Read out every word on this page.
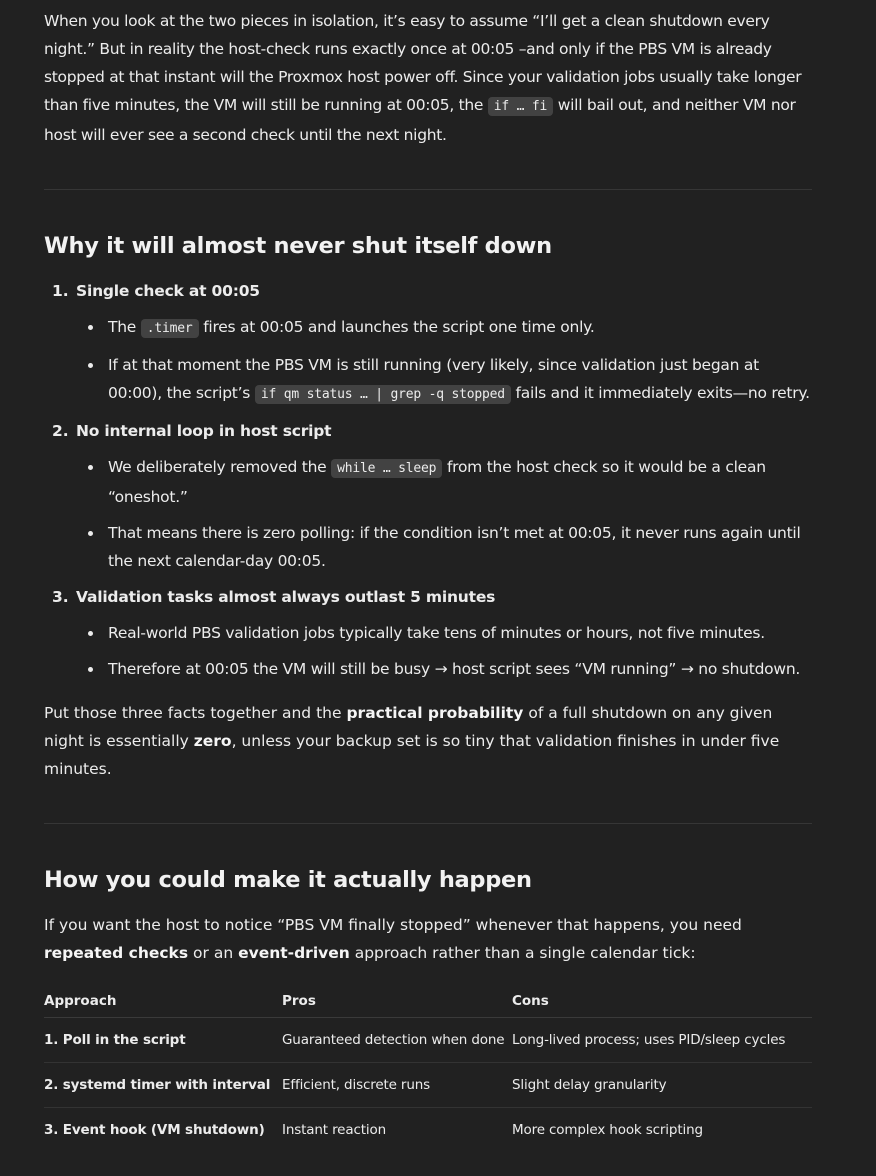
When you look at the two pieces in isolation, it’s easy to assume “I’ll get a clean shutdown every night.” But in reality the host-check runs exactly once at 00:05 –and only if the PBS VM is already stopped at that instant will the Proxmox host power off. Since your validation jobs usually take longer than five minutes, the VM will still be running at 00:05, the if … fi will bail out, and neither VM nor host will ever see a second check until the next night.

Why it will almost never shut itself down
1. Single check at 00:05
The .timer fires at 00:05 and launches the script one time only.
If at that moment the PBS VM is still running (very likely, since validation just began at 00:00), the script’s if qm status … | grep -q stopped fails and it immediately exits—no retry.
2. No internal loop in host script
We deliberately removed the while … sleep from the host check so it would be a clean “oneshot.”
That means there is zero polling: if the condition isn’t met at 00:05, it never runs again until the next calendar-day 00:05.
3. Validation tasks almost always outlast 5 minutes
Real-world PBS validation jobs typically take tens of minutes or hours, not five minutes.
Therefore at 00:05 the VM will still be busy → host script sees “VM running” → no shutdown.

Put those three facts together and the practical probability of a full shutdown on any given night is essentially zero, unless your backup set is so tiny that validation finishes in under five minutes.

How you could make it actually happen

If you want the host to notice “PBS VM finally stopped” whenever that happens, you need repeated checks or an event-driven approach rather than a single calendar tick:

Approach	Pros	Cons
1. Poll in the script	Guaranteed detection when done	Long-lived process; uses PID/sleep cycles
2. systemd timer with interval	Efficient, discrete runs	Slight delay granularity
3. Event hook (VM shutdown)	Instant reaction	More complex hook scripting
